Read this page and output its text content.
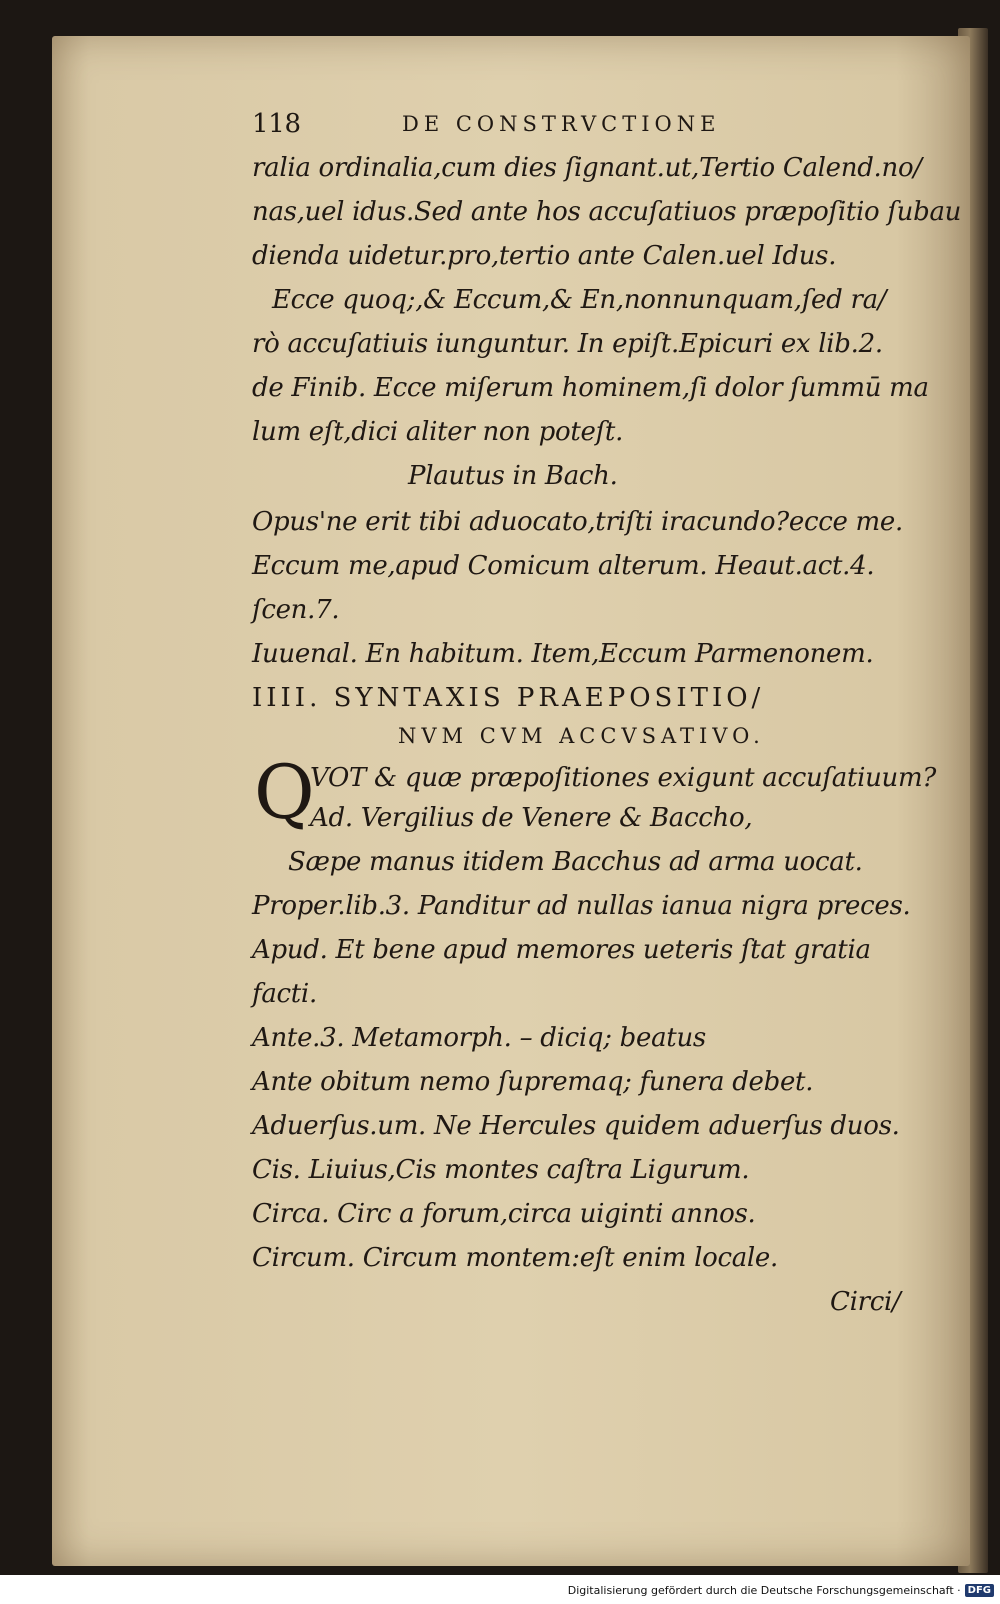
118	DE CONSTRVCTIONE
ralia ordinalia,cum dies ſignant.ut,Tertio Calend.no/
nas,uel idus.Sed ante hos accuſatiuos præpoſitio ſubau
dienda uidetur.pro,tertio ante Calen.uel Idus.
Ecce quoq;,& Eccum,& En,nonnunquam,ſed ra/
rò accuſatiuis iunguntur. In epiſt.Epicuri ex lib.2.
de Finib. Ecce miſerum hominem,ſi dolor ſummū ma
lum eſt,dici aliter non poteſt.
Plautus in Bach.
Opus'ne erit tibi aduocato,triſti iracundo?ecce me.
Eccum me,apud Comicum alterum. Heaut.act.4.
ſcen.7.
Iuuenal. En habitum. Item,Eccum Parmenonem.
IIII. SYNTAXIS PRAEPOSITIO/
NVM CVM ACCVSATIVO.
Q
VOT & quæ præpoſitiones exigunt accuſatiuum?
Ad. Vergilius de Venere & Baccho,
Sæpe manus itidem Bacchus ad arma uocat.
Proper.lib.3. Panditur ad nullas ianua nigra preces.
Apud. Et bene apud memores ueteris ſtat gratia
facti.
Ante.3. Metamorph. – diciq; beatus
Ante obitum nemo ſupremaq; funera debet.
Aduerſus.um. Ne Hercules quidem aduerſus duos.
Cis. Liuius,Cis montes caſtra Ligurum.
Circa. Circ a forum,circa uiginti annos.
Circum. Circum montem:eſt enim locale.
Circi/
Digitalisierung gefördert durch die Deutsche Forschungsgemeinschaft · DFG
